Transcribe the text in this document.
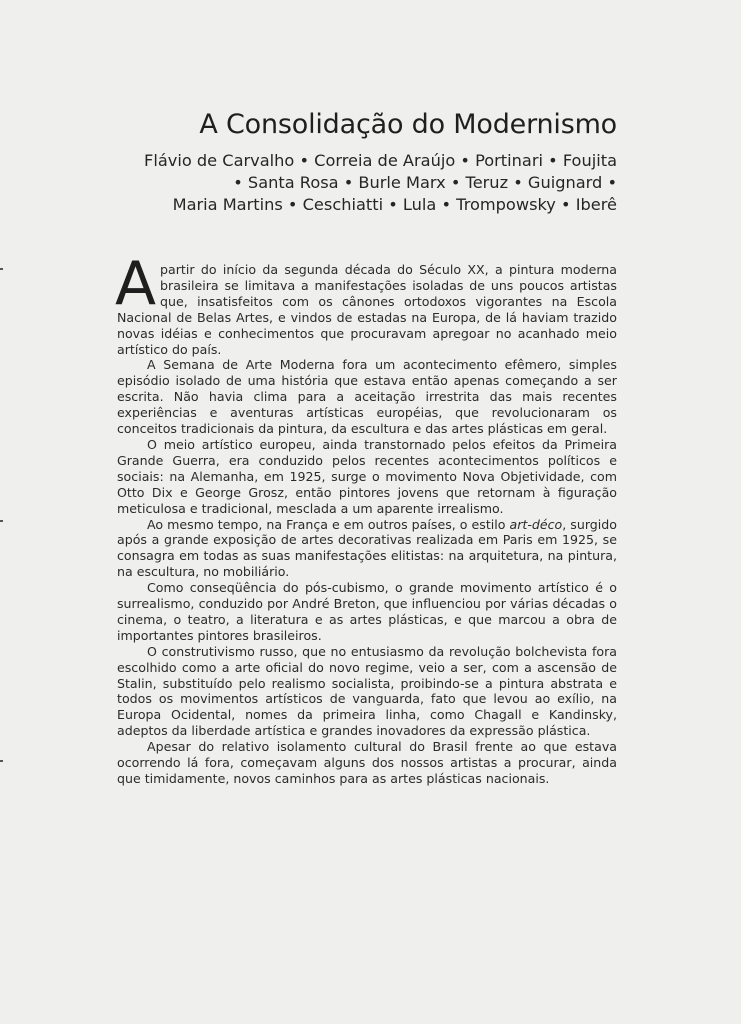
A Consolidação do Modernismo
Flávio de Carvalho • Correia de Araújo • Portinari • Foujita
• Santa Rosa • Burle Marx • Teruz • Guignard •
Maria Martins • Ceschiatti • Lula • Trompowsky • Iberê

Apartir do início da segunda década do Século XX, a pintura moderna brasileira se limitava a manifestações isoladas de uns poucos artistas que, insatisfeitos com os cânones ortodoxos vigorantes na Escola Nacional de Belas Artes, e vindos de estadas na Europa, de lá haviam trazido novas idéias e conhecimentos que procuravam apregoar no acanhado meio artístico do país.

A Semana de Arte Moderna fora um acontecimento efêmero, simples episódio isolado de uma história que estava então apenas começando a ser escrita. Não havia clima para a aceitação irrestrita das mais recentes experiências e aventuras artísticas européias, que revolucionaram os conceitos tradicionais da pintura, da escultura e das artes plásticas em geral.

O meio artístico europeu, ainda transtornado pelos efeitos da Primeira Grande Guerra, era conduzido pelos recentes acontecimentos políticos e sociais: na Alemanha, em 1925, surge o movimento Nova Objetividade, com Otto Dix e George Grosz, então pintores jovens que retornam à figuração meticulosa e tradicional, mesclada a um aparente irrealismo.

Ao mesmo tempo, na França e em outros países, o estilo art-déco, surgido após a grande exposição de artes decorativas realizada em Paris em 1925, se consagra em todas as suas manifestações elitistas: na arquitetura, na pintura, na escultura, no mobiliário.

Como conseqüência do pós-cubismo, o grande movimento artístico é o surrealismo, conduzido por André Breton, que influenciou por várias décadas o cinema, o teatro, a literatura e as artes plásticas, e que marcou a obra de importantes pintores brasileiros.

O construtivismo russo, que no entusiasmo da revolução bolchevista fora escolhido como a arte oficial do novo regime, veio a ser, com a ascensão de Stalin, substituído pelo realismo socialista, proibindo-se a pintura abstrata e todos os movimentos artísticos de vanguarda, fato que levou ao exílio, na Europa Ocidental, nomes da primeira linha, como Chagall e Kandinsky, adeptos da liberdade artística e grandes inovadores da expressão plástica.

Apesar do relativo isolamento cultural do Brasil frente ao que estava ocorrendo lá fora, começavam alguns dos nossos artistas a procurar, ainda que timidamente, novos caminhos para as artes plásticas nacionais.
